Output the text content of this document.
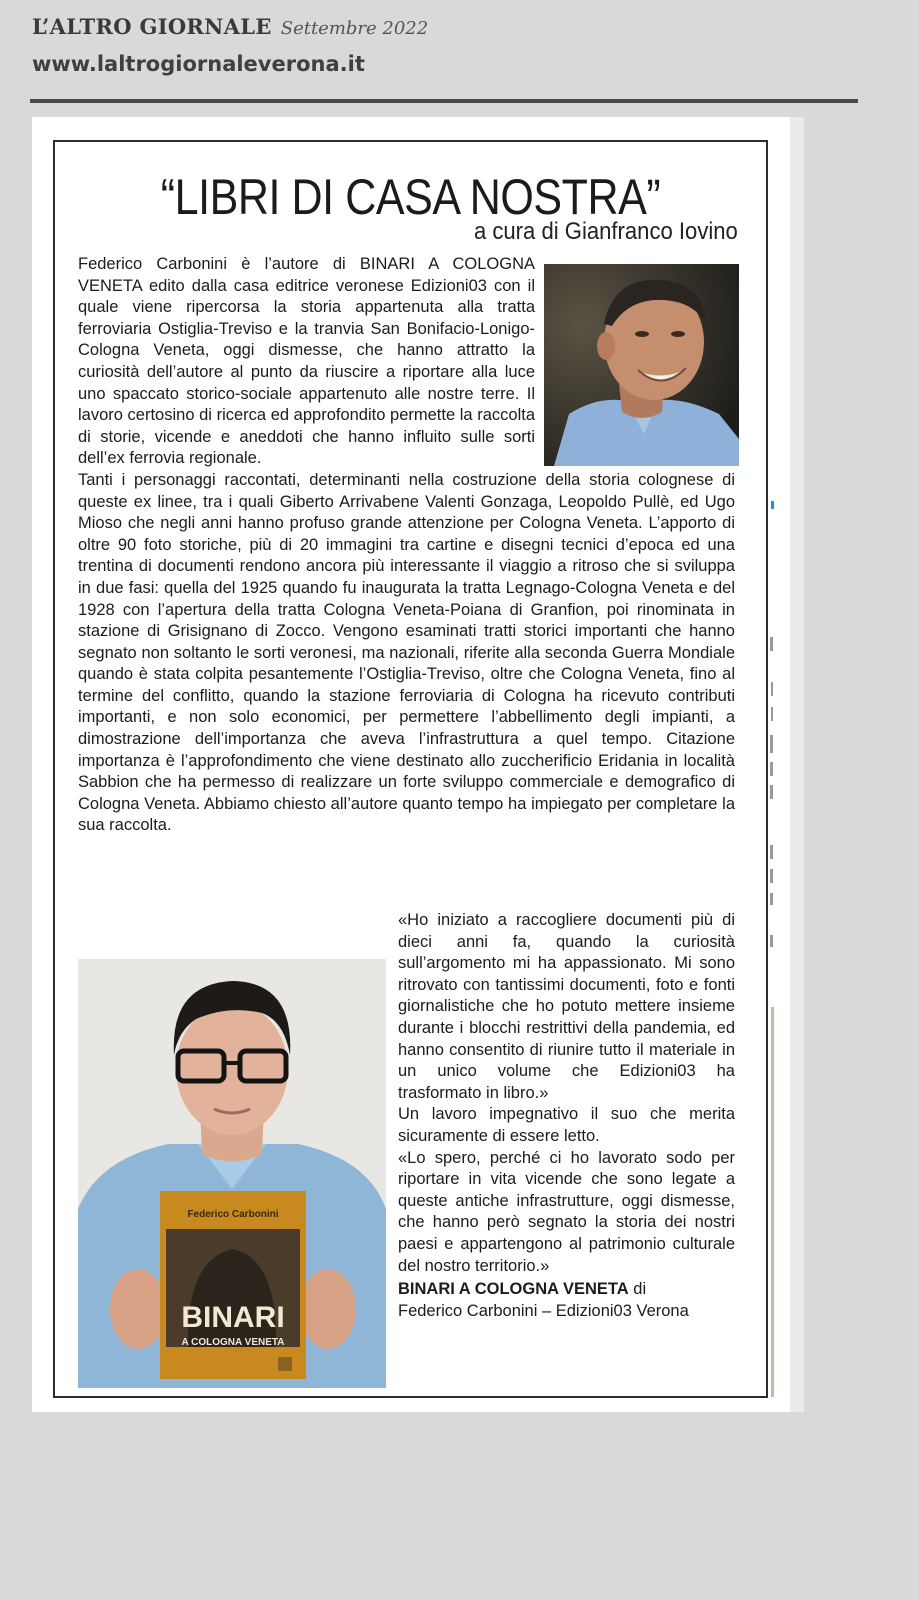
L’ALTRO GIORNALE Settembre 2022
www.laltrogiornaleverona.it
“LIBRI DI CASA NOSTRA”
a cura di Gianfranco Iovino

Federico Carbonini è l’autore di BINARI A COLOGNA VENETA edito dalla casa editrice veronese Edizioni03 con il quale viene ripercorsa la storia appartenuta alla tratta ferroviaria Ostiglia-Treviso e la tranvia San Bonifacio-Lonigo-Cologna Veneta, oggi dismesse, che hanno attratto la curiosità dell’autore al punto da riuscire a riportare alla luce uno spaccato storico-sociale appartenuto alle nostre terre. Il lavoro certosino di ricerca ed approfondito permette la raccolta di storie, vicende e aneddoti che hanno influito sulle sorti dell’ex ferrovia regionale.

Tanti i personaggi raccontati, determinanti nella costruzione della storia colognese di queste ex linee, tra i quali Giberto Arrivabene Valenti Gonzaga, Leopoldo Pullè, ed Ugo Mioso che negli anni hanno profuso grande attenzione per Cologna Veneta. L’apporto di oltre 90 foto storiche, più di 20 immagini tra cartine e disegni tecnici d’epoca ed una trentina di documenti rendono ancora più interessante il viaggio a ritroso che si sviluppa in due fasi: quella del 1925 quando fu inaugurata la tratta Legnago-Cologna Veneta e del 1928 con l’apertura della tratta Cologna Veneta-Poiana di Granfion, poi rinominata in stazione di Grisignano di Zocco. Vengono esaminati tratti storici importanti che hanno segnato non soltanto le sorti veronesi, ma nazionali, riferite alla seconda Guerra Mondiale quando è stata colpita pesantemente l’Ostiglia-Treviso, oltre che Cologna Veneta, fino al termine del conflitto, quando la stazione ferroviaria di Cologna ha ricevuto contributi importanti, e non solo economici, per permettere l’abbellimento degli impianti, a dimostrazione dell’importanza che aveva l’infrastruttura a quel tempo. Citazione importanza è l’approfondimento che viene destinato allo zuccherificio Eridania in località Sabbion che ha permesso di realizzare un forte sviluppo commerciale e demografico di Cologna Veneta. Abbiamo chiesto all’autore quanto tempo ha impiegato per completare la sua raccolta.

Federico Carbonini
BINARI
A COLOGNA VENETA

«Ho iniziato a raccogliere documenti più di dieci anni fa, quando la curiosità sull’argomento mi ha appassionato. Mi sono ritrovato con tantissimi documenti, foto e fonti giornalistiche che ho potuto mettere insieme durante i blocchi restrittivi della pandemia, ed hanno consentito di riunire tutto il materiale in un unico volume che Edizioni03 ha trasformato in libro.»

Un lavoro impegnativo il suo che merita sicuramente di essere letto.

«Lo spero, perché ci ho lavorato sodo per riportare in vita vicende che sono legate a queste antiche infrastrutture, oggi dismesse, che hanno però segnato la storia dei nostri paesi e appartengono al patrimonio culturale del nostro territorio.»

BINARI A COLOGNA VENETA di
Federico Carbonini – Edizioni03 Verona
